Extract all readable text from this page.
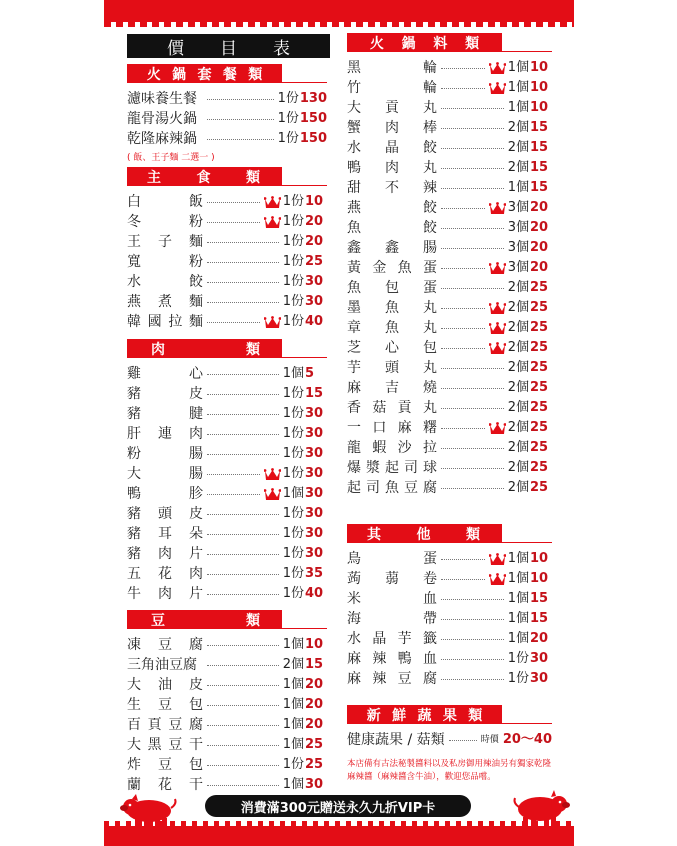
價 目 表
火 鍋 套 餐 類
濾味養生餐	1份 130
龍骨湯火鍋	1份 150
乾隆麻辣鍋	1份 150
( 飯、王子麵 二選一 )
主	食	類
白	飯	1份 10
冬	粉	1份 20
王 子 麵	1份 20
寬	粉	1份 25
水	餃	1份 30
燕 煮 麵	1份 30
韓 國 拉 麵	1份 40
肉	類
雞	心	1個 5
豬	皮	1份 15
豬	腱	1份 30
肝 連 肉	1份 30
粉	腸	1份 30
大	腸	1份 30
鴨	胗	1個 30
豬 頭 皮	1份 30
豬 耳 朵	1份 30
豬 肉 片	1份 30
五 花 肉	1份 35
牛 肉 片	1份 40
豆	類
凍 豆 腐	1個 10
三角油豆腐	2個 15
大 油 皮	1個 20
生 豆 包	1個 20
百 頁 豆 腐	1個 20
大 黑 豆 干	1個 25
炸 豆 包	1份 25
蘭 花 干	1個 30
火 鍋 料 類
黑	輪	1個 10
竹	輪	1個 10
大 貢 丸	1個 10
蟹 肉 棒	2個 15
水 晶 餃	2個 15
鴨 肉 丸	2個 15
甜 不 辣	1個 15
燕	餃	3個 20
魚	餃	3個 20
鑫 鑫 腸	3個 20
黃 金 魚 蛋	3個 20
魚 包 蛋	2個 25
墨 魚 丸	2個 25
章 魚 丸	2個 25
芝 心 包	2個 25
芋 頭 丸	2個 25
麻 吉 燒	2個 25
香 菇 貢 丸	2個 25
一 口 麻 糬	2個 25
龍 蝦 沙 拉	2個 25
爆 漿 起 司 球	2個 25
起 司 魚 豆 腐	2個 25
其	他	類
鳥	蛋	1個 10
蒟 蒻 卷	1個 10
米	血	1個 15
海	帶	1個 15
水 晶 芋 籤	1個 20
麻 辣 鴨 血	1份 30
麻 辣 豆 腐	1份 30
新 鮮 蔬 果 類
健康蔬果 / 菇類	時價 20～40
本店備有古法秘製醬料以及私房御用辣油另有獨家乾隆麻辣醬（麻辣醬含牛油），歡迎您品嚐。
消費滿300元贈送永久九折VIP卡
